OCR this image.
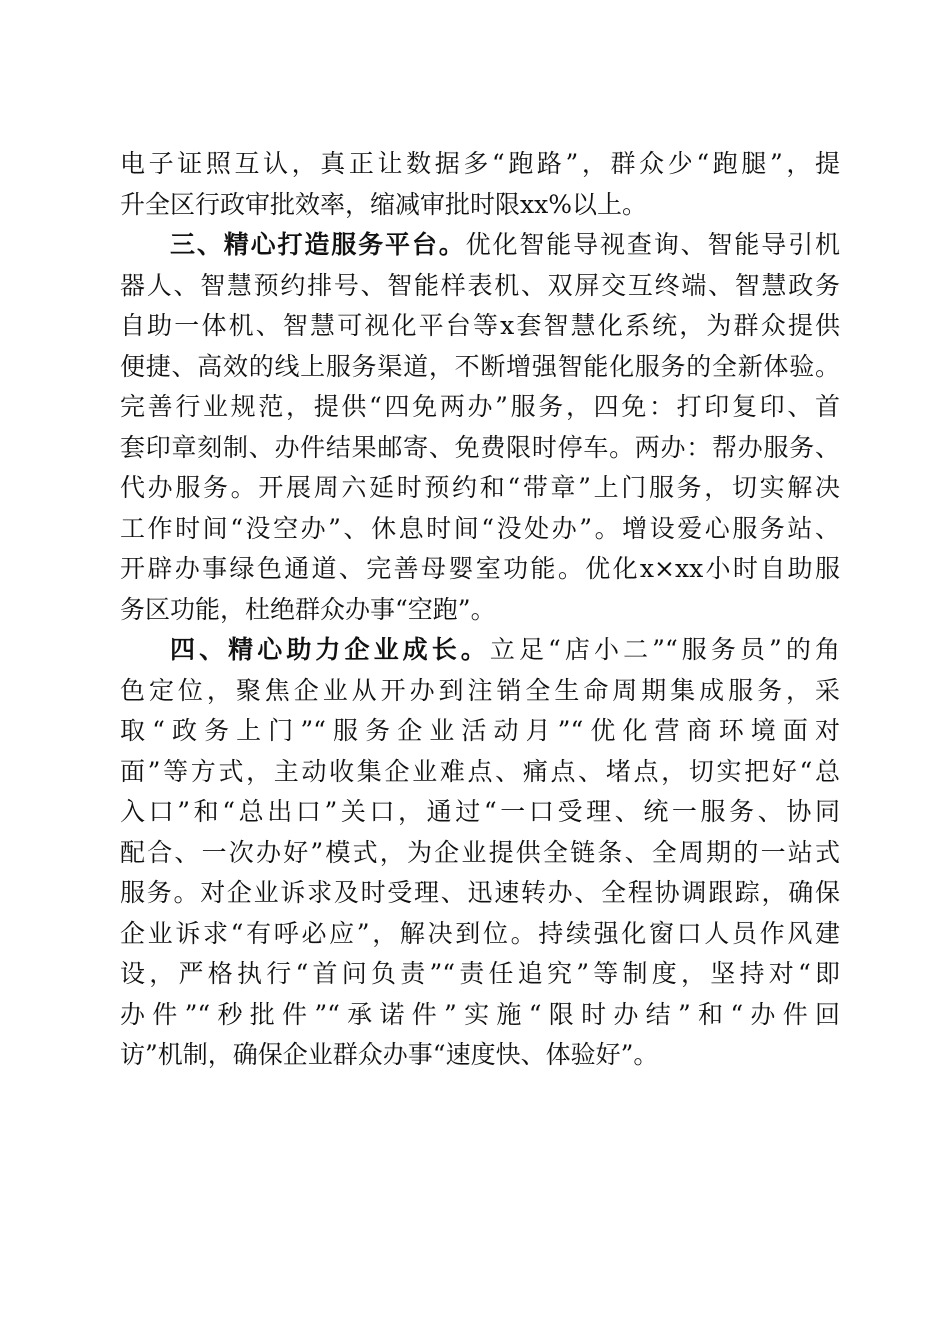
电子证照互认，真正让数据多“跑路”，群众少“跑腿”，提
升全区行政审批效率，缩减审批时限xx%以上。
三、精心打造服务平台。优化智能导视查询、智能导引机
器人、智慧预约排号、智能样表机、双屏交互终端、智慧政务
自助一体机、智慧可视化平台等x套智慧化系统，为群众提供
便捷、高效的线上服务渠道，不断增强智能化服务的全新体验。
完善行业规范，提供“四免两办”服务，四免：打印复印、首
套印章刻制、办件结果邮寄、免费限时停车。两办：帮办服务、
代办服务。开展周六延时预约和“带章”上门服务，切实解决
工作时间“没空办”、休息时间“没处办”。增设爱心服务站、
开辟办事绿色通道、完善母婴室功能。优化x×xx小时自助服
务区功能，杜绝群众办事“空跑”。
四、精心助力企业成长。立足“店小二”“服务员”的角
色定位，聚焦企业从开办到注销全生命周期集成服务，采
取“政务上门”“服务企业活动月”“优化营商环境面对
面”等方式，主动收集企业难点、痛点、堵点，切实把好“总
入口”和“总出口”关口，通过“一口受理、统一服务、协同
配合、一次办好”模式，为企业提供全链条、全周期的一站式
服务。对企业诉求及时受理、迅速转办、全程协调跟踪，确保
企业诉求“有呼必应”，解决到位。持续强化窗口人员作风建
设，严格执行“首问负责”“责任追究”等制度，坚持对“即
办件”“秒批件”“承诺件”实施“限时办结”和“办件回
访”机制，确保企业群众办事“速度快、体验好”。
